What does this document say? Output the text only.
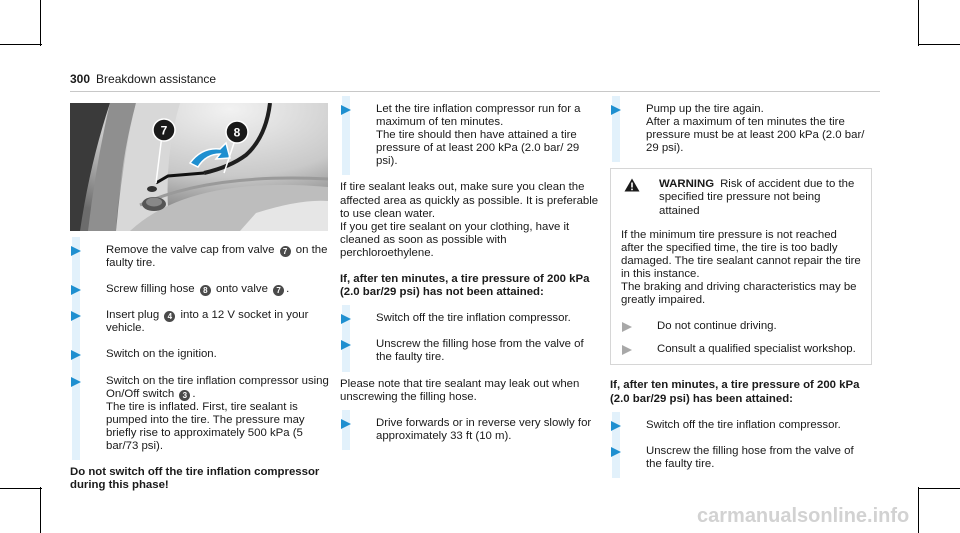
300 Breakdown assistance
7	8

Remove the valve cap from valve 7 on the faulty tire.

Screw filling hose 8 onto valve 7 .

Insert plug 4 into a 12 V socket in your vehicle.

Switch on the ignition.

Switch on the tire inflation compressor using On/Off switch 3 .
The tire is inflated. First, tire sealant is pumped into the tire. The pressure may briefly rise to approximately 500 kPa (5 bar/73 psi).

Do not switch off the tire inflation compressor during this phase!

Let the tire inflation compressor run for a maximum of ten minutes.
The tire should then have attained a tire pressure of at least 200 kPa (2.0 bar/ 29 psi).

If tire sealant leaks out, make sure you clean the affected area as quickly as possible. It is preferable to use clean water.

If you get tire sealant on your clothing, have it cleaned as soon as possible with perchloroethylene.

If, after ten minutes, a tire pressure of 200 kPa (2.0 bar/29 psi) has not been attained:

Switch off the tire inflation compressor.

Unscrew the filling hose from the valve of the faulty tire.

Please note that tire sealant may leak out when unscrewing the filling hose.

Drive forwards or in reverse very slowly for approximately 33 ft (10 m).

Pump up the tire again.
After a maximum of ten minutes the tire pressure must be at least 200 kPa (2.0 bar/ 29 psi).

WARNING Risk of accident due to the specified tire pressure not being attained

If the minimum tire pressure is not reached after the specified time, the tire is too badly damaged. The tire sealant cannot repair the tire in this instance.

The braking and driving characteristics may be greatly impaired.

Do not continue driving.

Consult a qualified specialist workshop.

If, after ten minutes, a tire pressure of 200 kPa (2.0 bar/29 psi) has been attained:

Switch off the tire inflation compressor.

Unscrew the filling hose from the valve of the faulty tire.

carmanualsonline.info
